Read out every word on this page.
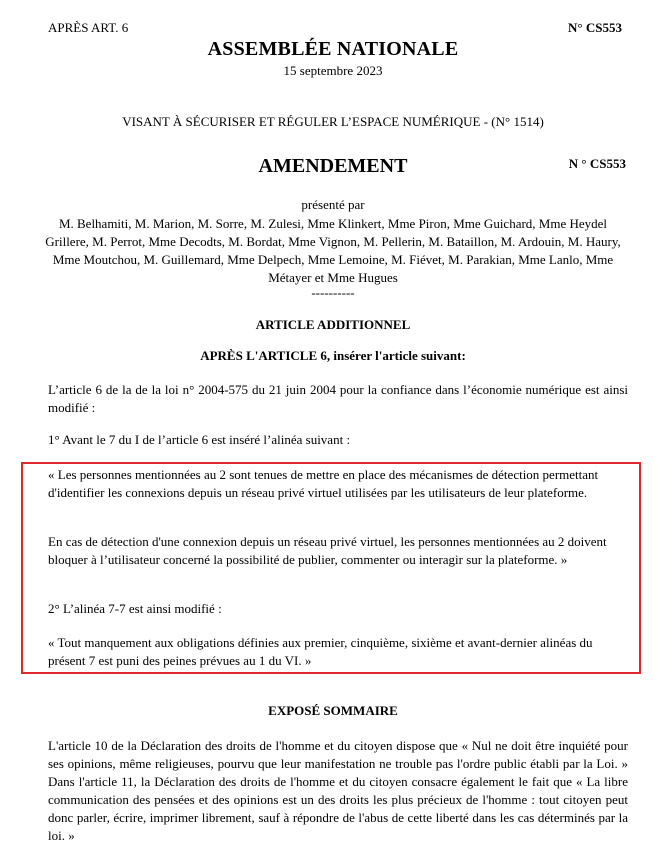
APRÈS ART. 6	N° CS553
ASSEMBLÉE NATIONALE
15 septembre 2023
VISANT À SÉCURISER ET RÉGULER L’ESPACE NUMÉRIQUE - (N° 1514)
AMENDEMENT	N ° CS553
présenté par
M. Belhamiti, M. Marion, M. Sorre, M. Zulesi, Mme Klinkert, Mme Piron, Mme Guichard, Mme Heydel Grillere, M. Perrot, Mme Decodts, M. Bordat, Mme Vignon, M. Pellerin, M. Bataillon, M. Ardouin, M. Haury, Mme Moutchou, M. Guillemard, Mme Delpech, Mme Lemoine, M. Fiévet, M. Parakian, Mme Lanlo, Mme Métayer et Mme Hugues
----------
ARTICLE ADDITIONNEL
APRÈS L'ARTICLE 6, insérer l'article suivant:
L’article 6 de la de la loi n° 2004-575 du 21 juin 2004 pour la confiance dans l’économie numérique est ainsi modifié :
1° Avant le 7 du I de l’article 6 est inséré l’alinéa suivant :
« Les personnes mentionnées au 2 sont tenues de mettre en place des mécanismes de détection permettant d'identifier les connexions depuis un réseau privé virtuel utilisées par les utilisateurs de leur plateforme.
En cas de détection d'une connexion depuis un réseau privé virtuel, les personnes mentionnées au 2 doivent bloquer à l’utilisateur concerné la possibilité de publier, commenter ou interagir sur la plateforme. »
2° L’alinéa 7-7 est ainsi modifié :
« Tout manquement aux obligations définies aux premier, cinquième, sixième et avant-dernier alinéas du présent 7 est puni des peines prévues au 1 du VI. »
EXPOSÉ SOMMAIRE
L'article 10 de la Déclaration des droits de l'homme et du citoyen dispose que « Nul ne doit être inquiété pour ses opinions, même religieuses, pourvu que leur manifestation ne trouble pas l'ordre public établi par la Loi. » Dans l'article 11, la Déclaration des droits de l'homme et du citoyen consacre également le fait que « La libre communication des pensées et des opinions est un des droits les plus précieux de l'homme : tout citoyen peut donc parler, écrire, imprimer librement, sauf à répondre de l'abus de cette liberté dans les cas déterminés par la loi. »
